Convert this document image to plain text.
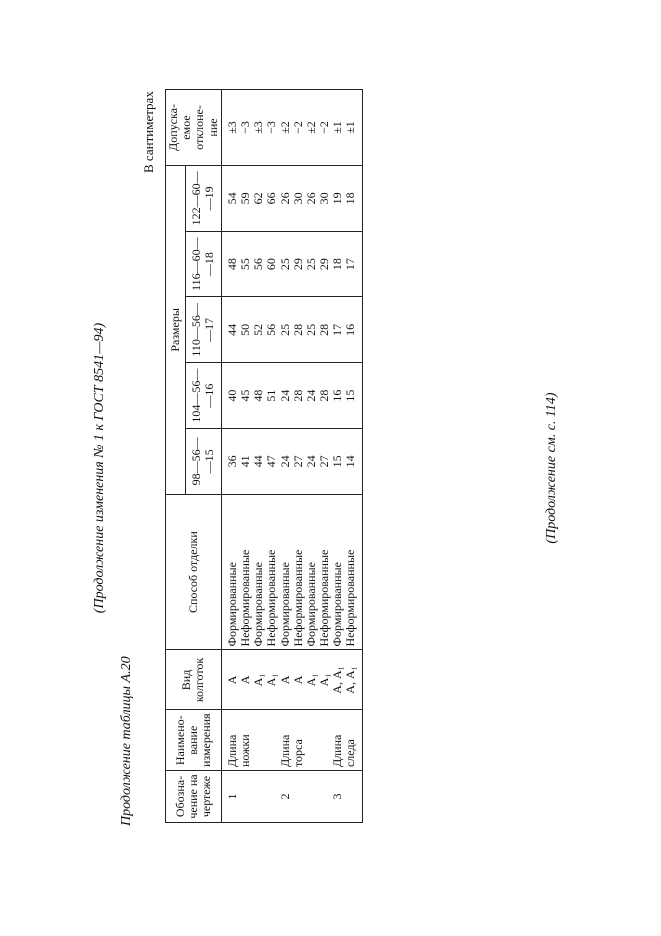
(Продолжение изменения № 1 к ГОСТ 8541—94)
Продолжение таблицы А.20
В сантиметрах
Обозна-
чение на
чертеже	Наимено-
вание
измерения	Вид
колготок	Способ отделки	Размеры					Допуска-
емое
отклоне-
ние
				98—56—
—15	104—56—
—16	110—56—
—17	116—60—
—18	122—60—
—19	
1	Длина	А	Формированные	36	40	44	48	54	±3
	ножки	А	Неформированные	41	45	50	55	59	−3
		А₁	Формированные	44	48	52	56	62	±3
		А₁	Неформированные	47	51	56	60	66	−3
2	Длина	А	Формированные	24	24	25	25	26	±2
	торса	А	Неформированные	27	28	28	29	30	−2
		А₁	Формированные	24	24	25	25	26	±2
		А₁	Неформированные	27	28	28	29	30	−2
3	Длина	А, А₁	Формированные	15	16	17	18	19	±1
	следа	А, А₁	Неформированные	14	15	16	17	18	±1
(Продолжение см. с. 114)
